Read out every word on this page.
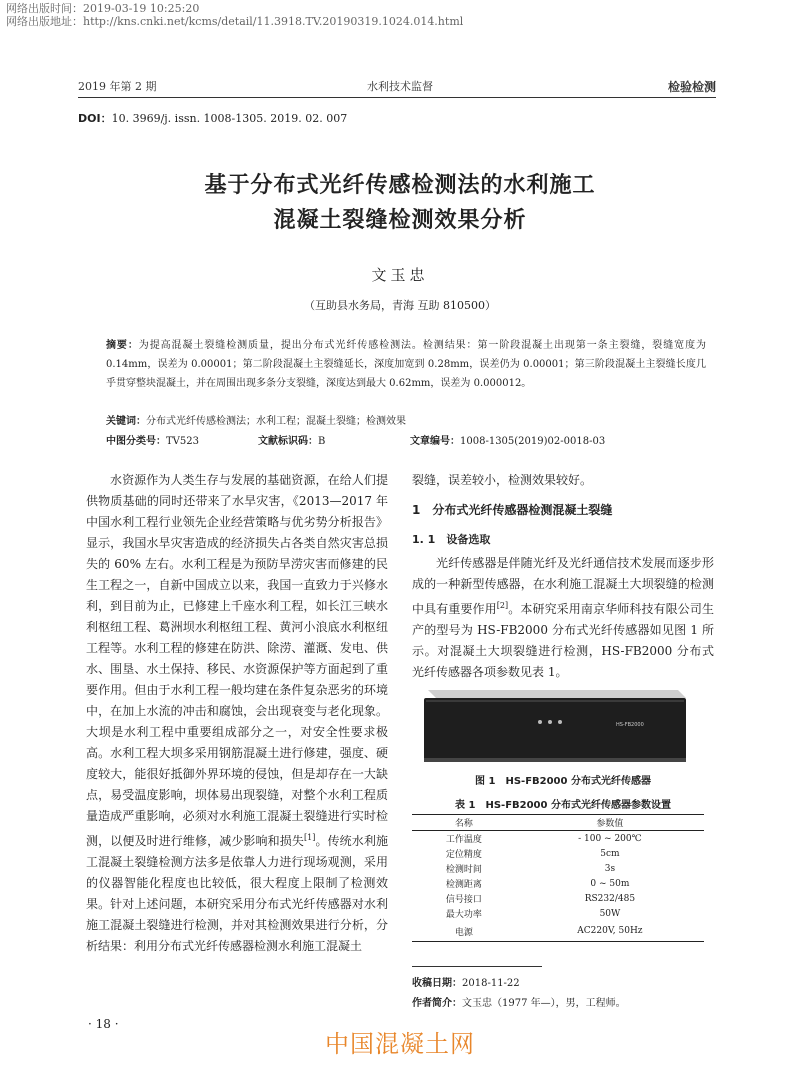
网络出版时间：2019-03-19 10:25:20
网络出版地址：http://kns.cnki.net/kcms/detail/11.3918.TV.20190319.1024.014.html
2019 年第 2 期	水利技术监督	检验检测
DOI：10. 3969/j. issn. 1008-1305. 2019. 02. 007
基于分布式光纤传感检测法的水利施工
混凝土裂缝检测效果分析
文玉忠
（互助县水务局，青海 互助 810500）
摘要：为提高混凝土裂缝检测质量，提出分布式光纤传感检测法。检测结果：第一阶段混凝土出现第一条主裂缝，裂缝宽度为 0.14mm，误差为 0.00001；第二阶段混凝土主裂缝延长，深度加宽到 0.28mm，误差仍为 0.00001；第三阶段混凝土主裂缝长度几乎贯穿整块混凝土，并在周围出现多条分支裂缝，深度达到最大 0.62mm，误差为 0.000012。
关键词：分布式光纤传感检测法；水利工程；混凝土裂缝；检测效果
中图分类号：TV523	文献标识码：B	文章编号：1008-1305(2019)02-0018-03

水资源作为人类生存与发展的基础资源，在给人们提供物质基础的同时还带来了水旱灾害，《2013—2017 年中国水利工程行业领先企业经营策略与优劣势分析报告》显示，我国水旱灾害造成的经济损失占各类自然灾害总损失的 60% 左右。水利工程是为预防旱涝灾害而修建的民生工程之一，自新中国成立以来，我国一直致力于兴修水利，到目前为止，已修建上千座水利工程，如长江三峡水利枢纽工程、葛洲坝水利枢纽工程、黄河小浪底水利枢纽工程等。水利工程的修建在防洪、除涝、灌溉、发电、供水、围垦、水土保持、移民、水资源保护等方面起到了重要作用。但由于水利工程一般均建在条件复杂恶劣的环境中，在加上水流的冲击和腐蚀，会出现衰变与老化现象。大坝是水利工程中重要组成部分之一，对安全性要求极高。水利工程大坝多采用钢筋混凝土进行修建，强度、硬度较大，能很好抵御外界环境的侵蚀，但是却存在一大缺点，易受温度影响，坝体易出现裂缝，对整个水利工程质量造成严重影响，必须对水利施工混凝土裂缝进行实时检测，以便及时进行维修，减少影响和损失[1]。传统水利施工混凝土裂缝检测方法多是依靠人力进行现场观测，采用的仪器智能化程度也比较低，很大程度上限制了检测效果。针对上述问题，本研究采用分布式光纤传感器对水利施工混凝土裂缝进行检测，并对其检测效果进行分析，分析结果：利用分布式光纤传感器检测水利施工混凝土

裂缝，误差较小，检测效果较好。
1　分布式光纤传感器检测混凝土裂缝
1. 1　设备选取

光纤传感器是伴随光纤及光纤通信技术发展而逐步形成的一种新型传感器，在水利施工混凝土大坝裂缝的检测中具有重要作用[2]。本研究采用南京华师科技有限公司生产的型号为 HS-FB2000 分布式光纤传感器如见图 1 所示。对混凝土大坝裂缝进行检测，HS-FB2000 分布式光纤传感器各项参数见表 1。

HS-FB2000
图 1　HS-FB2000 分布式光纤传感器
表 1　HS-FB2000 分布式光纤传感器参数设置
名称	参数值
工作温度	- 100 ~ 200℃
定位精度	5cm
检测时间	3s
检测距离	0 ~ 50m
信号接口	RS232/485
最大功率	50W
电源	AC220V, 50Hz
收稿日期：2018-11-22
作者简介：文玉忠（1977 年—），男，工程师。
· 18 ·
中国混凝土网
